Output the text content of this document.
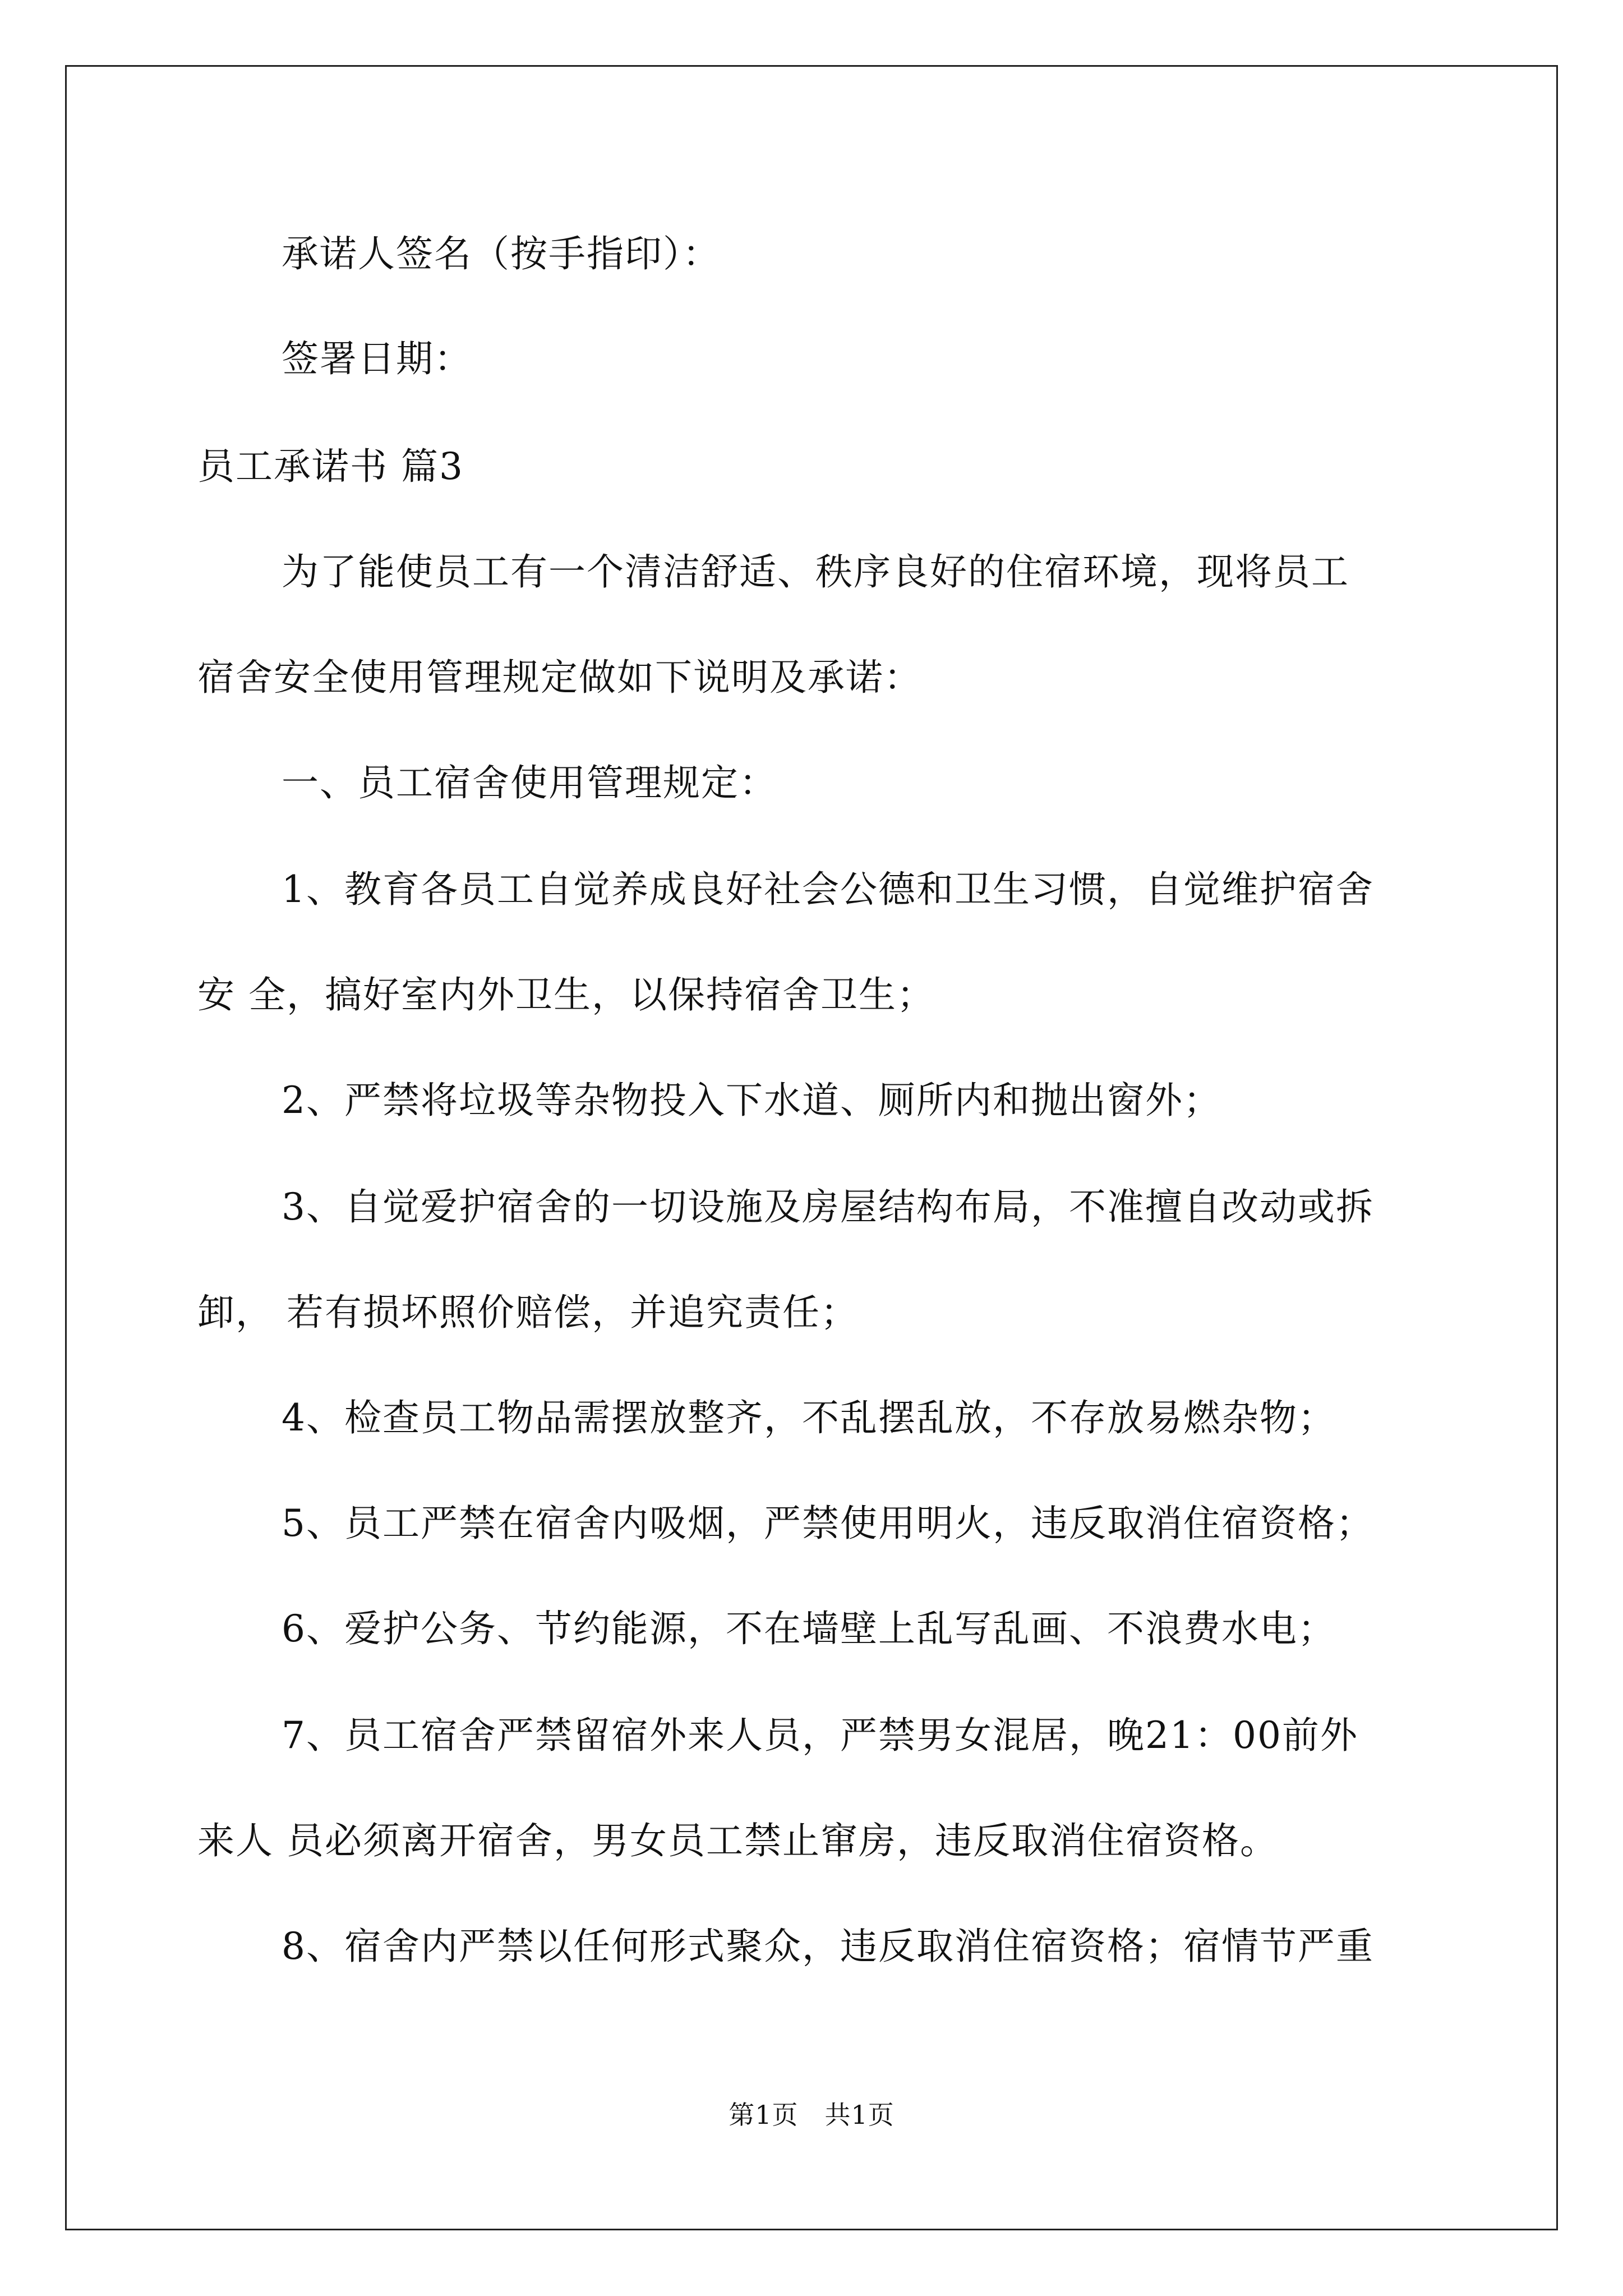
承诺人签名（按手指印）：
签署日期：
员工承诺书 篇3
为了能使员工有一个清洁舒适、秩序良好的住宿环境，现将员工
宿舍安全使用管理规定做如下说明及承诺：
一、员工宿舍使用管理规定：
1、教育各员工自觉养成良好社会公德和卫生习惯，自觉维护宿舍
安 全，搞好室内外卫生，以保持宿舍卫生；
2、严禁将垃圾等杂物投入下水道、厕所内和抛出窗外；
3、自觉爱护宿舍的一切设施及房屋结构布局，不准擅自改动或拆
卸， 若有损坏照价赔偿，并追究责任；
4、检查员工物品需摆放整齐，不乱摆乱放，不存放易燃杂物；
5、员工严禁在宿舍内吸烟，严禁使用明火，违反取消住宿资格；
6、爱护公务、节约能源，不在墙壁上乱写乱画、不浪费水电；
7、员工宿舍严禁留宿外来人员，严禁男女混居，晚21：00前外
来人 员必须离开宿舍，男女员工禁止窜房，违反取消住宿资格。
8、宿舍内严禁以任何形式聚众，违反取消住宿资格；宿情节严重
第1页　共1页
